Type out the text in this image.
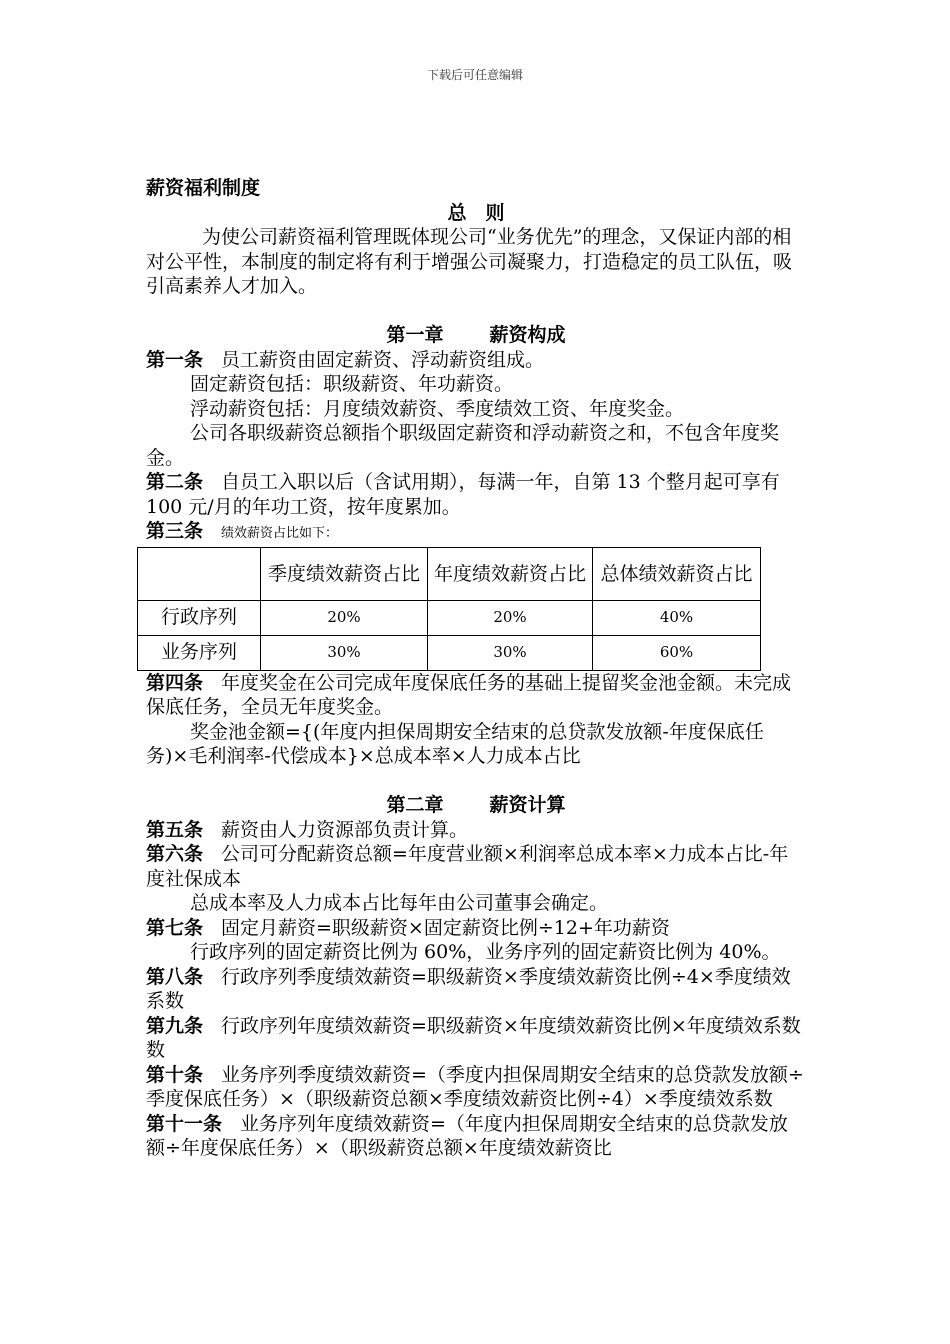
下载后可任意编辑

薪资福利制度

总　则

为使公司薪资福利管理既体现公司“业务优先”的理念，又保证内部的相对公平性，本制度的制定将有利于增强公司凝聚力，打造稳定的员工队伍，吸引高素养人才加入。

第一章 薪资构成

第一条 员工薪资由固定薪资、浮动薪资组成。

固定薪资包括：职级薪资、年功薪资。

浮动薪资包括：月度绩效薪资、季度绩效工资、年度奖金。

公司各职级薪资总额指个职级固定薪资和浮动薪资之和，不包含年度奖金。

第二条 自员工入职以后（含试用期），每满一年，自第 13 个整月起可享有 100 元/月的年功工资，按年度累加。

第三条 绩效薪资占比如下：

	季度绩效薪资占比	年度绩效薪资占比	总体绩效薪资占比
行政序列	20%	20%	40%
业务序列	30%	30%	60%

第四条 年度奖金在公司完成年度保底任务的基础上提留奖金池金额。未完成保底任务，全员无年度奖金。

奖金池金额={(年度内担保周期安全结束的总贷款发放额-年度保底任务)×毛利润率-代偿成本}×总成本率×人力成本占比

第二章 薪资计算

第五条 薪资由人力资源部负责计算。

第六条 公司可分配薪资总额=年度营业额×利润率总成本率×力成本占比-年度社保成本

总成本率及人力成本占比每年由公司董事会确定。

第七条 固定月薪资=职级薪资×固定薪资比例÷12+年功薪资

行政序列的固定薪资比例为 60%，业务序列的固定薪资比例为 40%。

第八条 行政序列季度绩效薪资=职级薪资×季度绩效薪资比例÷4×季度绩效系数

第九条 行政序列年度绩效薪资=职级薪资×年度绩效薪资比例×年度绩效系数数

第十条 业务序列季度绩效薪资=（季度内担保周期安全结束的总贷款发放额÷季度保底任务）×（职级薪资总额×季度绩效薪资比例÷4）×季度绩效系数

第十一条 业务序列年度绩效薪资=（年度内担保周期安全结束的总贷款发放额÷年度保底任务）×（职级薪资总额×年度绩效薪资比
